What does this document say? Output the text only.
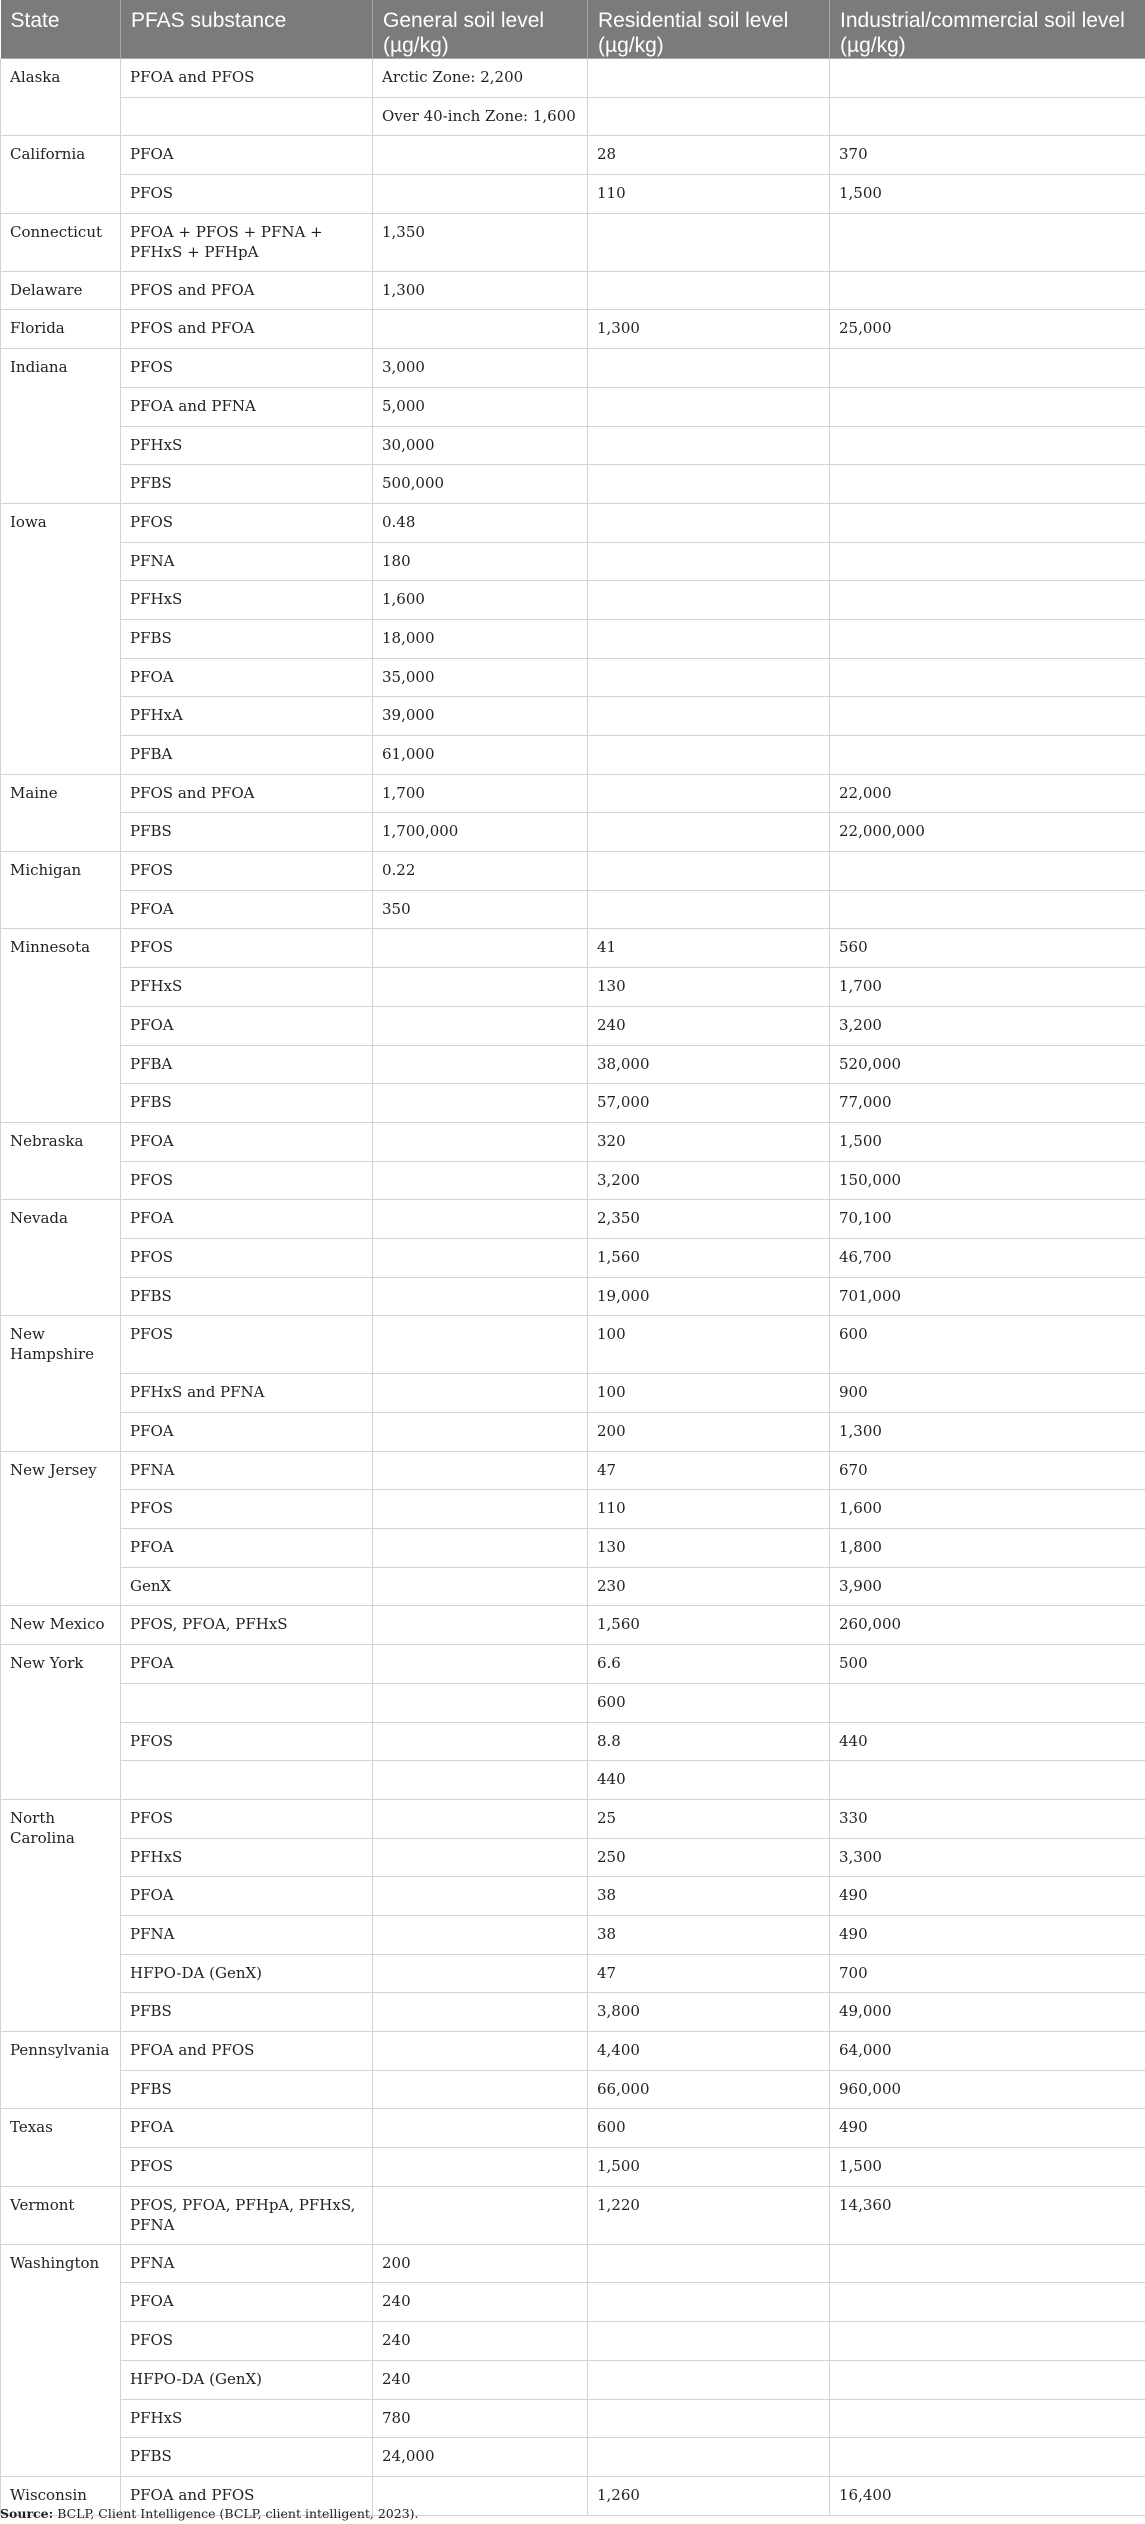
State	PFAS substance	General soil level (µg/kg)	Residential soil level (µg/kg)	Industrial/commercial soil level (µg/kg)
Alaska	PFOA and PFOS	Arctic Zone: 2,200		
		Over 40-inch Zone: 1,600		
California	PFOA		28	370
	PFOS		110	1,500
Connecticut	PFOA + PFOS + PFNA + PFHxS + PFHpA	1,350		
Delaware	PFOS and PFOA	1,300		
Florida	PFOS and PFOA		1,300	25,000
Indiana	PFOS	3,000		
	PFOA and PFNA	5,000		
	PFHxS	30,000		
	PFBS	500,000		
Iowa	PFOS	0.48		
	PFNA	180		
	PFHxS	1,600		
	PFBS	18,000		
	PFOA	35,000		
	PFHxA	39,000		
	PFBA	61,000		
Maine	PFOS and PFOA	1,700		22,000
	PFBS	1,700,000		22,000,000
Michigan	PFOS	0.22		
	PFOA	350		
Minnesota	PFOS		41	560
	PFHxS		130	1,700
	PFOA		240	3,200
	PFBA		38,000	520,000
	PFBS		57,000	77,000
Nebraska	PFOA		320	1,500
	PFOS		3,200	150,000
Nevada	PFOA		2,350	70,100
	PFOS		1,560	46,700
	PFBS		19,000	701,000
New Hampshire	PFOS		100	600
	PFHxS and PFNA		100	900
	PFOA		200	1,300
New Jersey	PFNA		47	670
	PFOS		110	1,600
	PFOA		130	1,800
	GenX		230	3,900
New Mexico	PFOS, PFOA, PFHxS		1,560	260,000
New York	PFOA		6.6	500
			600	
	PFOS		8.8	440
			440	
North Carolina	PFOS		25	330
	PFHxS		250	3,300
	PFOA		38	490
	PFNA		38	490
	HFPO-DA (GenX)		47	700
	PFBS		3,800	49,000
Pennsylvania	PFOA and PFOS		4,400	64,000
	PFBS		66,000	960,000
Texas	PFOA		600	490
	PFOS		1,500	1,500
Vermont	PFOS, PFOA, PFHpA, PFHxS, PFNA		1,220	14,360
Washington	PFNA	200		
	PFOA	240		
	PFOS	240		
	HFPO-DA (GenX)	240		
	PFHxS	780		
	PFBS	24,000		
Wisconsin	PFOA and PFOS		1,260	16,400
Source: BCLP, Client Intelligence (BCLP, client intelligent, 2023).
